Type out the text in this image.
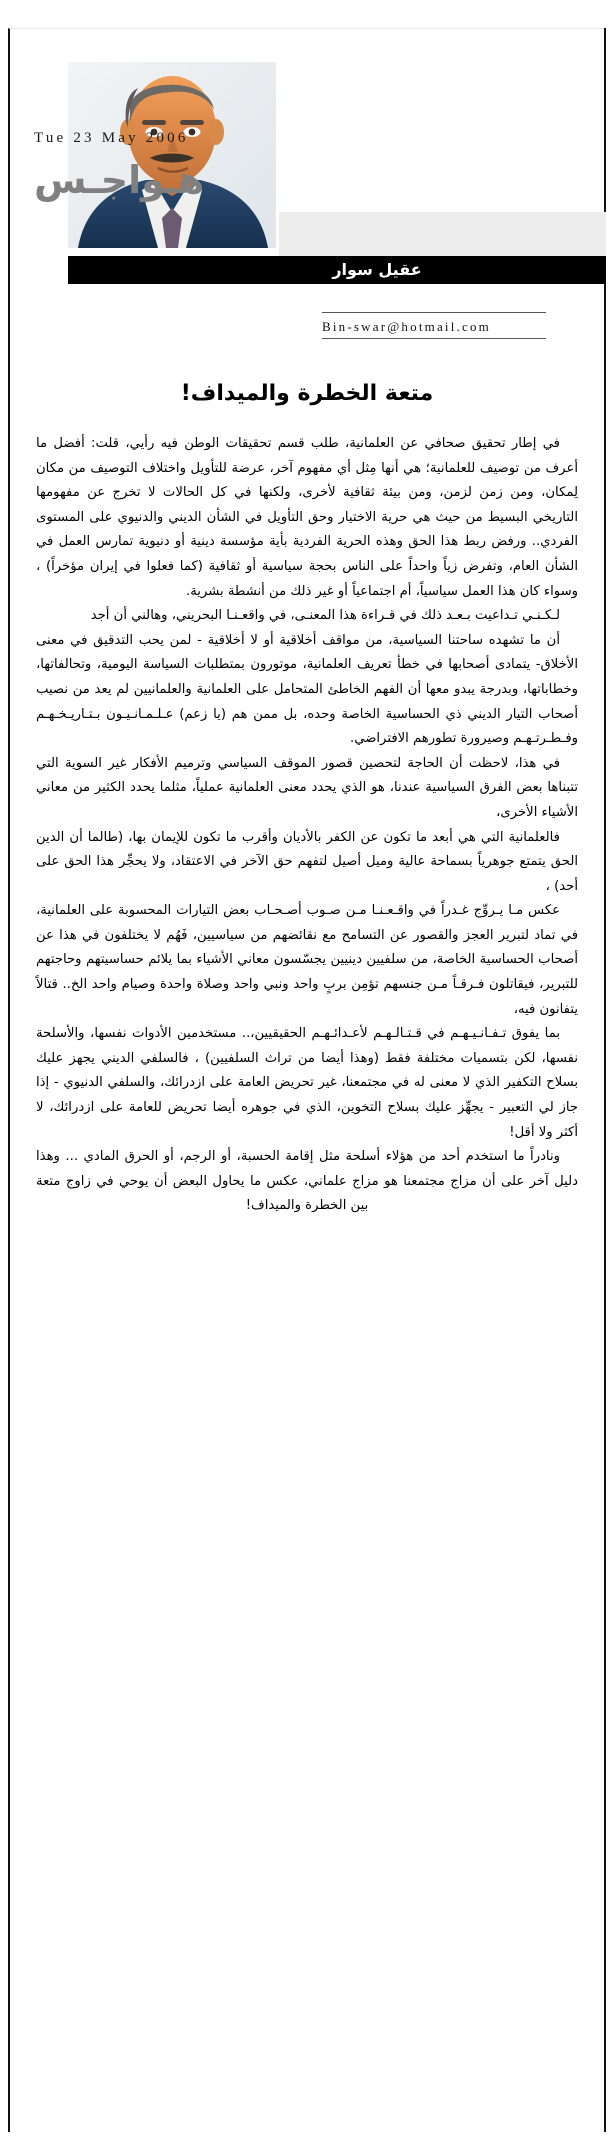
Tue 23 May 2006
هـواجـس
عقيل سوار
Bin-swar@hotmail.com
متعة الخطرة والميداف!

في إطار تحقيق صحافي عن العلمانية، طلب قسم تحقيقات الوطن فيه رأيي، قلت: أفضل ما أعرف من توصيف للعلمانية؛ هي أنها مِثل أي مفهوم آخر، عرضة للتأويل واختلاف التوصيف من مكان لِمكان، ومن زمن لزمن، ومن بيئة ثقافية لأخرى، ولكنها في كل الحالات لا تخرج عن مفهومها التاريخي البسيط من حيث هي حرية الاختيار وحق التأويل في الشأن الديني والدنيوي على المستوى الفردي.. ورفض ربط هذا الحق وهذه الحرية الفردية بأية مؤسسة دينية أو دنيوية تمارس العمل في الشأن العام، وتفرض زياً واحداً على الناس بحجة سياسية أو ثقافية (كما فعلوا في إيران مؤخراً) ، وسواء كان هذا العمل سياسياً، أم اجتماعياً أو غير ذلك من أنشطة بشرية.

لـكـنـي تـداعيت بـعـد ذلك في قـراءة هذا المعنـى، في واقعـنـا البحريني، وهالني أن أجد

أن ما تشهده ساحتنا السياسية، من مواقف أخلاقية أو لا أخلاقية - لمن يحب التدقيق في معنى الأخلاق- يتمادى أصحابها في خطأ تعريف العلمانية، موتورون بمتطلبات السياسة اليومية، وتحالفاتها، وخطاباتها، وبدرجة يبدو معها أن الفهم الخاطئ المتحامل على العلمانية والعلمانيين لم يعد من نصيب أصحاب التيار الديني ذي الحساسية الخاصة وحده، بل ممن هم (يا زعم) عـلـمـانـيـون بـتـاريـخـهـم وفـطـرتـهـم وصيرورة تطورهم الافتراضي.

في هذا، لاحظت أن الحاجة لتحصين قصور الموقف السياسي وترميم الأفكار غير السوية التي تتبناها بعض الفرق السياسية عندنا، هو الذي يحدد معنى العلمانية عملياً، مثلما يحدد الكثير من معاني الأشياء الأخرى،

فالعلمانية التي هي أبعد ما تكون عن الكفر بالأديان وأقرب ما تكون للإيمان بها، (طالما أن الدين الحق يتمتع جوهرياً بسماحة عالية وميل أصيل لتفهم حق الآخر في الاعتقاد، ولا يحجِّر هذا الحق على أحد) ،

عكس مـا يـروِّج غـدراً في واقـعـنـا مـن صـوب أصـحـاب بعض التيارات المحسوبة على العلمانية، في تماد لتبرير العجز والقصور عن التسامح مع نقائضهم من سياسيين، فَهُم لا يختلفون في هذا عن أصحاب الحساسية الخاصة، من سلفيين دينيين يجسّسون معاني الأشياء بما يلائم حساسيتهم وحاجتهم للتبرير، فيقاتلون فـرقـاً مـن جنسهم تؤمِن بربٍ واحد ونبي واحد وصلاة واحدة وصيام واحد الخ.. قتالاً يتفانون فيه،

بما يفوق تـفـانـيـهـم في قـتـالـهـم لأعـدائـهـم الحقيقيين،.. مستخدمين الأدوات نفسها، والأسلحة نفسها، لكن بتسميات مختلفة فقط (وهذا أيضا من تراث السلفيين) ، فالسلفي الديني يجهز عليك بسلاح التكفير الذي لا معنى له في مجتمعنا، غير تحريض العامة على ازدرائك، والسلفي الدنيوي - إذا جاز لي التعبير - يجهِّز عليك بسلاح التخوين، الذي في جوهره أيضا تحريض للعامة على ازدرائك، لا أكثر ولا أقل!

ونادراً ما استخدم أحد من هؤلاء أسلحة مثل إقامة الحسبة، أو الرجم، أو الحرق المادي ... وهذا دليل آخر على أن مزاج مجتمعنا هو مزاج علماني، عكس ما يحاول البعض أن يوحي في زاوج متعة بين الخطرة والميداف!
